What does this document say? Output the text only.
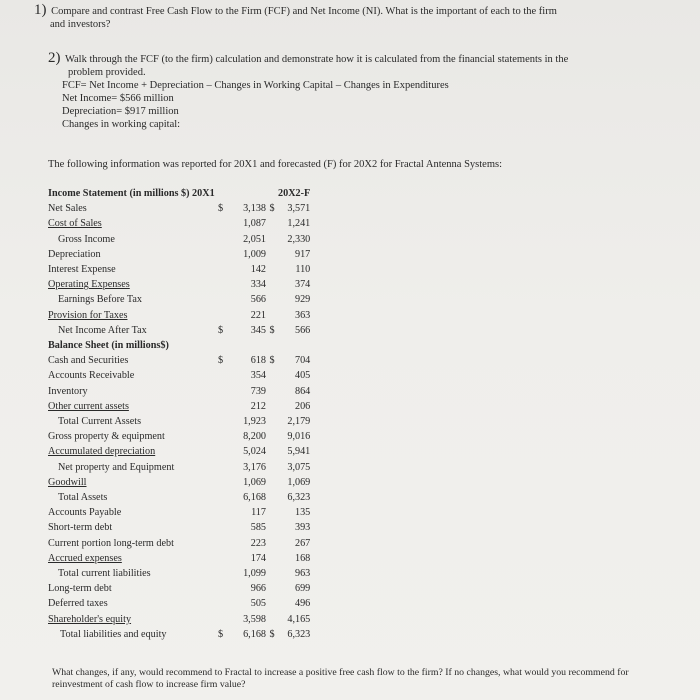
1) Compare and contrast Free Cash Flow to the Firm (FCF) and Net Income (NI). What is the important of each to the firm
and investors?
2) Walk through the FCF (to the firm) calculation and demonstrate how it is calculated from the financial statements in the
problem provided.
FCF= Net Income + Depreciation – Changes in Working Capital – Changes in Expenditures
Net Income= $566 million
Depreciation= $917 million
Changes in working capital:
The following information was reported for 20X1 and forecasted (F) for 20X2 for Fractal Antenna Systems:
Income Statement (in millions $) 20X1				20X2-F
Net Sales	$	3,138	$	3,571
Cost of Sales		1,087		1,241
Gross Income		2,051		2,330
Depreciation		1,009		917
Interest Expense		142		110
Operating Expenses		334		374
Earnings Before Tax		566		929
Provision for Taxes		221		363
Net Income After Tax	$	345	$	566
Balance Sheet (in millions$)				
Cash and Securities	$	618	$	704
Accounts Receivable		354		405
Inventory		739		864
Other current assets		212		206
Total Current Assets		1,923		2,179
Gross property & equipment		8,200		9,016
Accumulated depreciation		5,024		5,941
Net property and Equipment		3,176		3,075
Goodwill		1,069		1,069
Total Assets		6,168		6,323
Accounts Payable		117		135
Short-term debt		585		393
Current portion long-term debt		223		267
Accrued expenses		174		168
Total current liabilities		1,099		963
Long-term debt		966		699
Deferred taxes		505		496
Shareholder's equity		3,598		4,165
Total liabilities and equity	$	6,168	$	6,323
What changes, if any, would recommend to Fractal to increase a positive free cash flow to the firm? If no changes, what would you recommend for reinvestment of cash flow to increase firm value?
